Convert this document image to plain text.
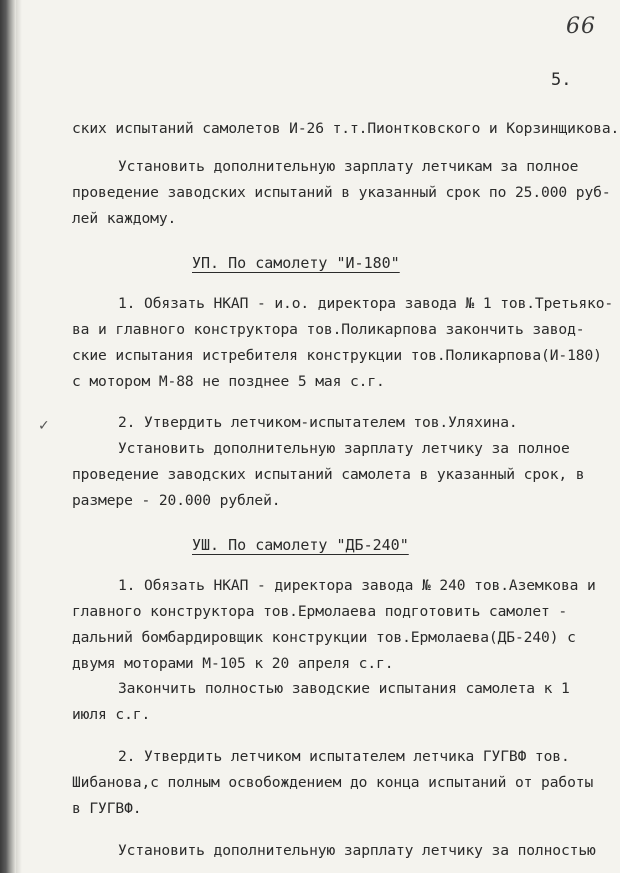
66
5.
ских испытаний самолетов И-26 т.т.Пионтковского и Корзинщикова.
Установить дополнительную зарплату летчикам за полное
проведение заводских испытаний в указанный срок по 25.000 руб-
лей каждому.
УП. По самолету "И-180"
1. Обязать НКАП - и.о. директора завода № 1 тов.Третьяко-
ва и главного конструктора тов.Поликарпова закончить завод-
ские испытания истребителя конструкции тов.Поликарпова(И-180)
с мотором М-88 не позднее 5 мая с.г.
✓	2. Утвердить летчиком-испытателем тов.Уляхина.
Установить дополнительную зарплату летчику за полное
проведение заводских испытаний самолета в указанный срок, в
размере - 20.000 рублей.
УШ. По самолету "ДБ-240"
1. Обязать НКАП - директора завода № 240 тов.Аземкова и
главного конструктора тов.Ермолаева подготовить самолет -
дальний бомбардировщик конструкции тов.Ермолаева(ДБ-240) с
двумя моторами М-105 к 20 апреля с.г.
Закончить полностью заводские испытания самолета к 1
июля с.г.
2. Утвердить летчиком испытателем летчика ГУГВФ тов.
Шибанова,с полным освобождением до конца испытаний от работы
в ГУГВФ.
Установить дополнительную зарплату летчику за полностью
